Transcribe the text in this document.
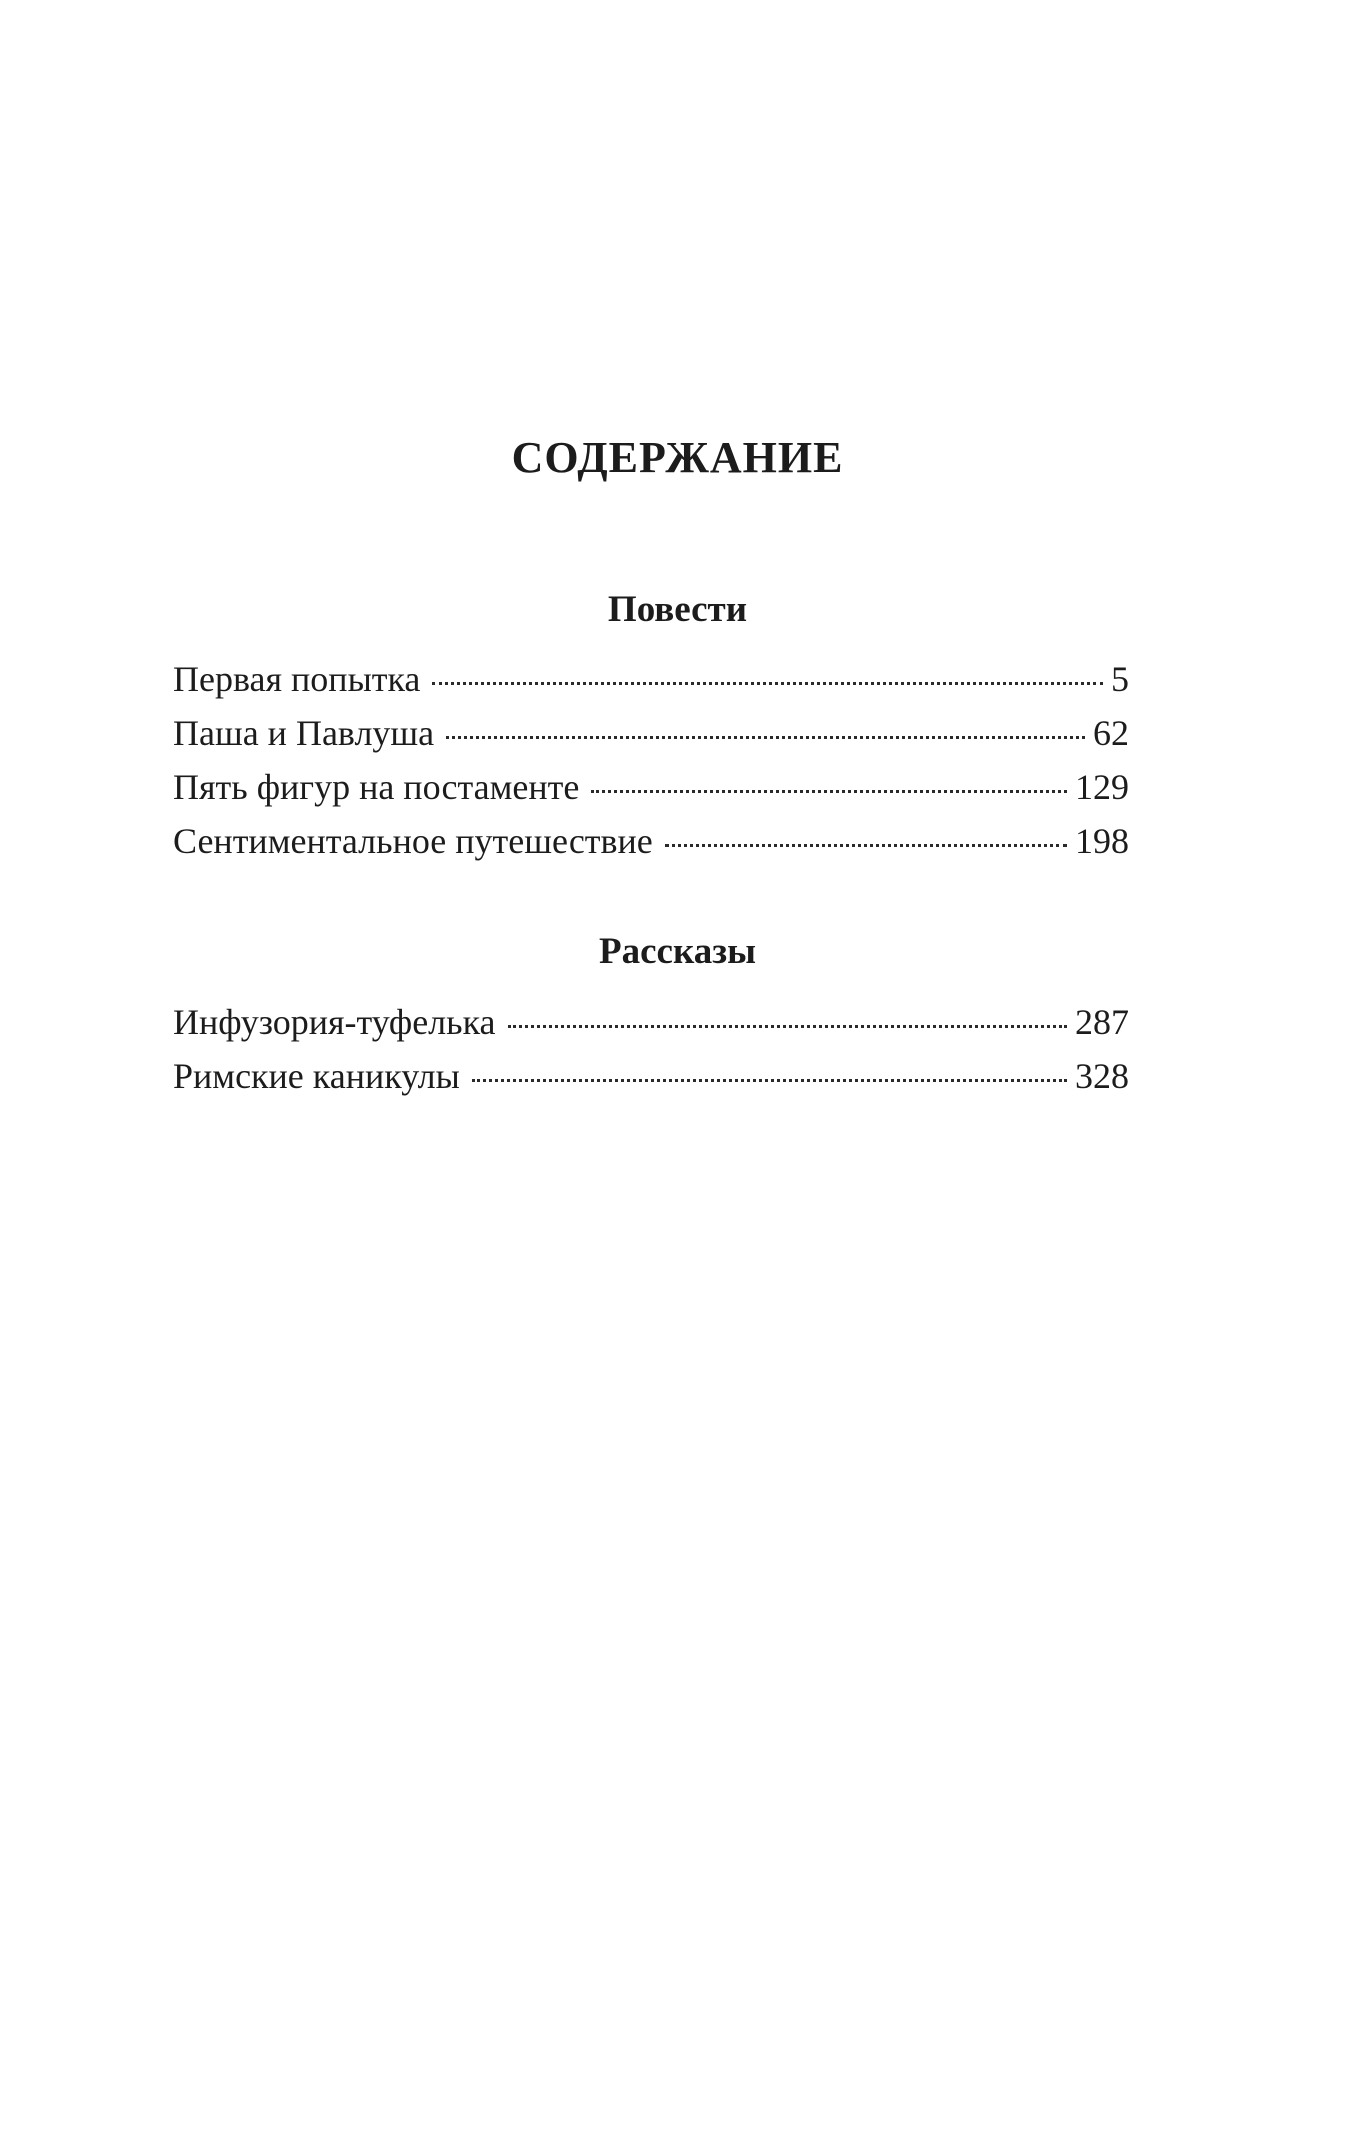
СОДЕРЖАНИЕ
Повести
Первая попытка	5
Паша и Павлуша	62
Пять фигур на постаменте	129
Сентиментальное путешествие	198
Рассказы
Инфузория-туфелька	287
Римские каникулы	328
